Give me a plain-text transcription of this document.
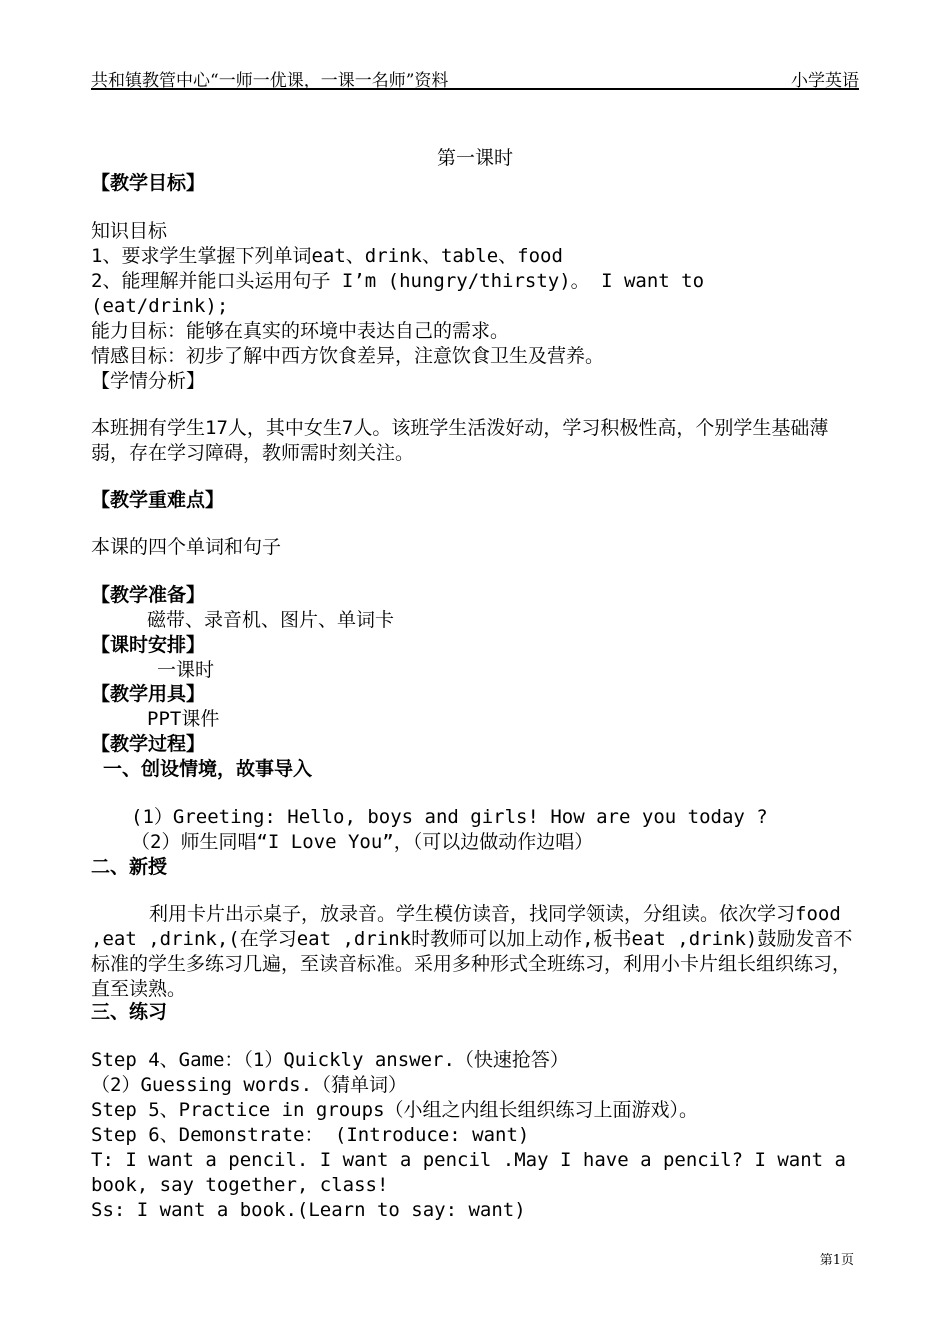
共和镇教管中心“一师一优课，一课一名师”资料	小学英语
第一课时
【教学目标】
知识目标
1、要求学生掌握下列单词eat、drink、table、food
2、能理解并能口头运用句子 I’m (hungry/thirsty)。 I want to
(eat/drink);
能力目标：能够在真实的环境中表达自己的需求。
情感目标：初步了解中西方饮食差异，注意饮食卫生及营养。
【学情分析】
本班拥有学生17人，其中女生7人。该班学生活泼好动，学习积极性高，个别学生基础薄弱，存在学习障碍，教师需时刻关注。
【教学重难点】
本课的四个单词和句子
【教学准备】
磁带、录音机、图片、单词卡
【课时安排】
一课时
【教学用具】
PPT课件
【教学过程】
一、创设情境，故事导入
(1）Greeting: Hello, boys and girls! How are you today ?
（2）师生同唱“I Love You”，（可以边做动作边唱）
二、新授
利用卡片出示桌子，放录音。学生模仿读音，找同学领读，分组读。依次学习food ,eat ,drink,(在学习eat ,drink时教师可以加上动作,板书eat ,drink)鼓励发音不标准的学生多练习几遍，至读音标准。采用多种形式全班练习，利用小卡片组长组织练习，直至读熟。
三、练习
Step 4、Game：（1）Quickly answer.（快速抢答）
（2）Guessing words.（猜单词）
Step 5、Practice in groups（小组之内组长组织练习上面游戏）。
Step 6、Demonstrate： (Introduce: want)
T: I want a pencil. I want a pencil .May I have a pencil? I want a
book, say together, class!
Ss: I want a book.(Learn to say: want)
第1页
